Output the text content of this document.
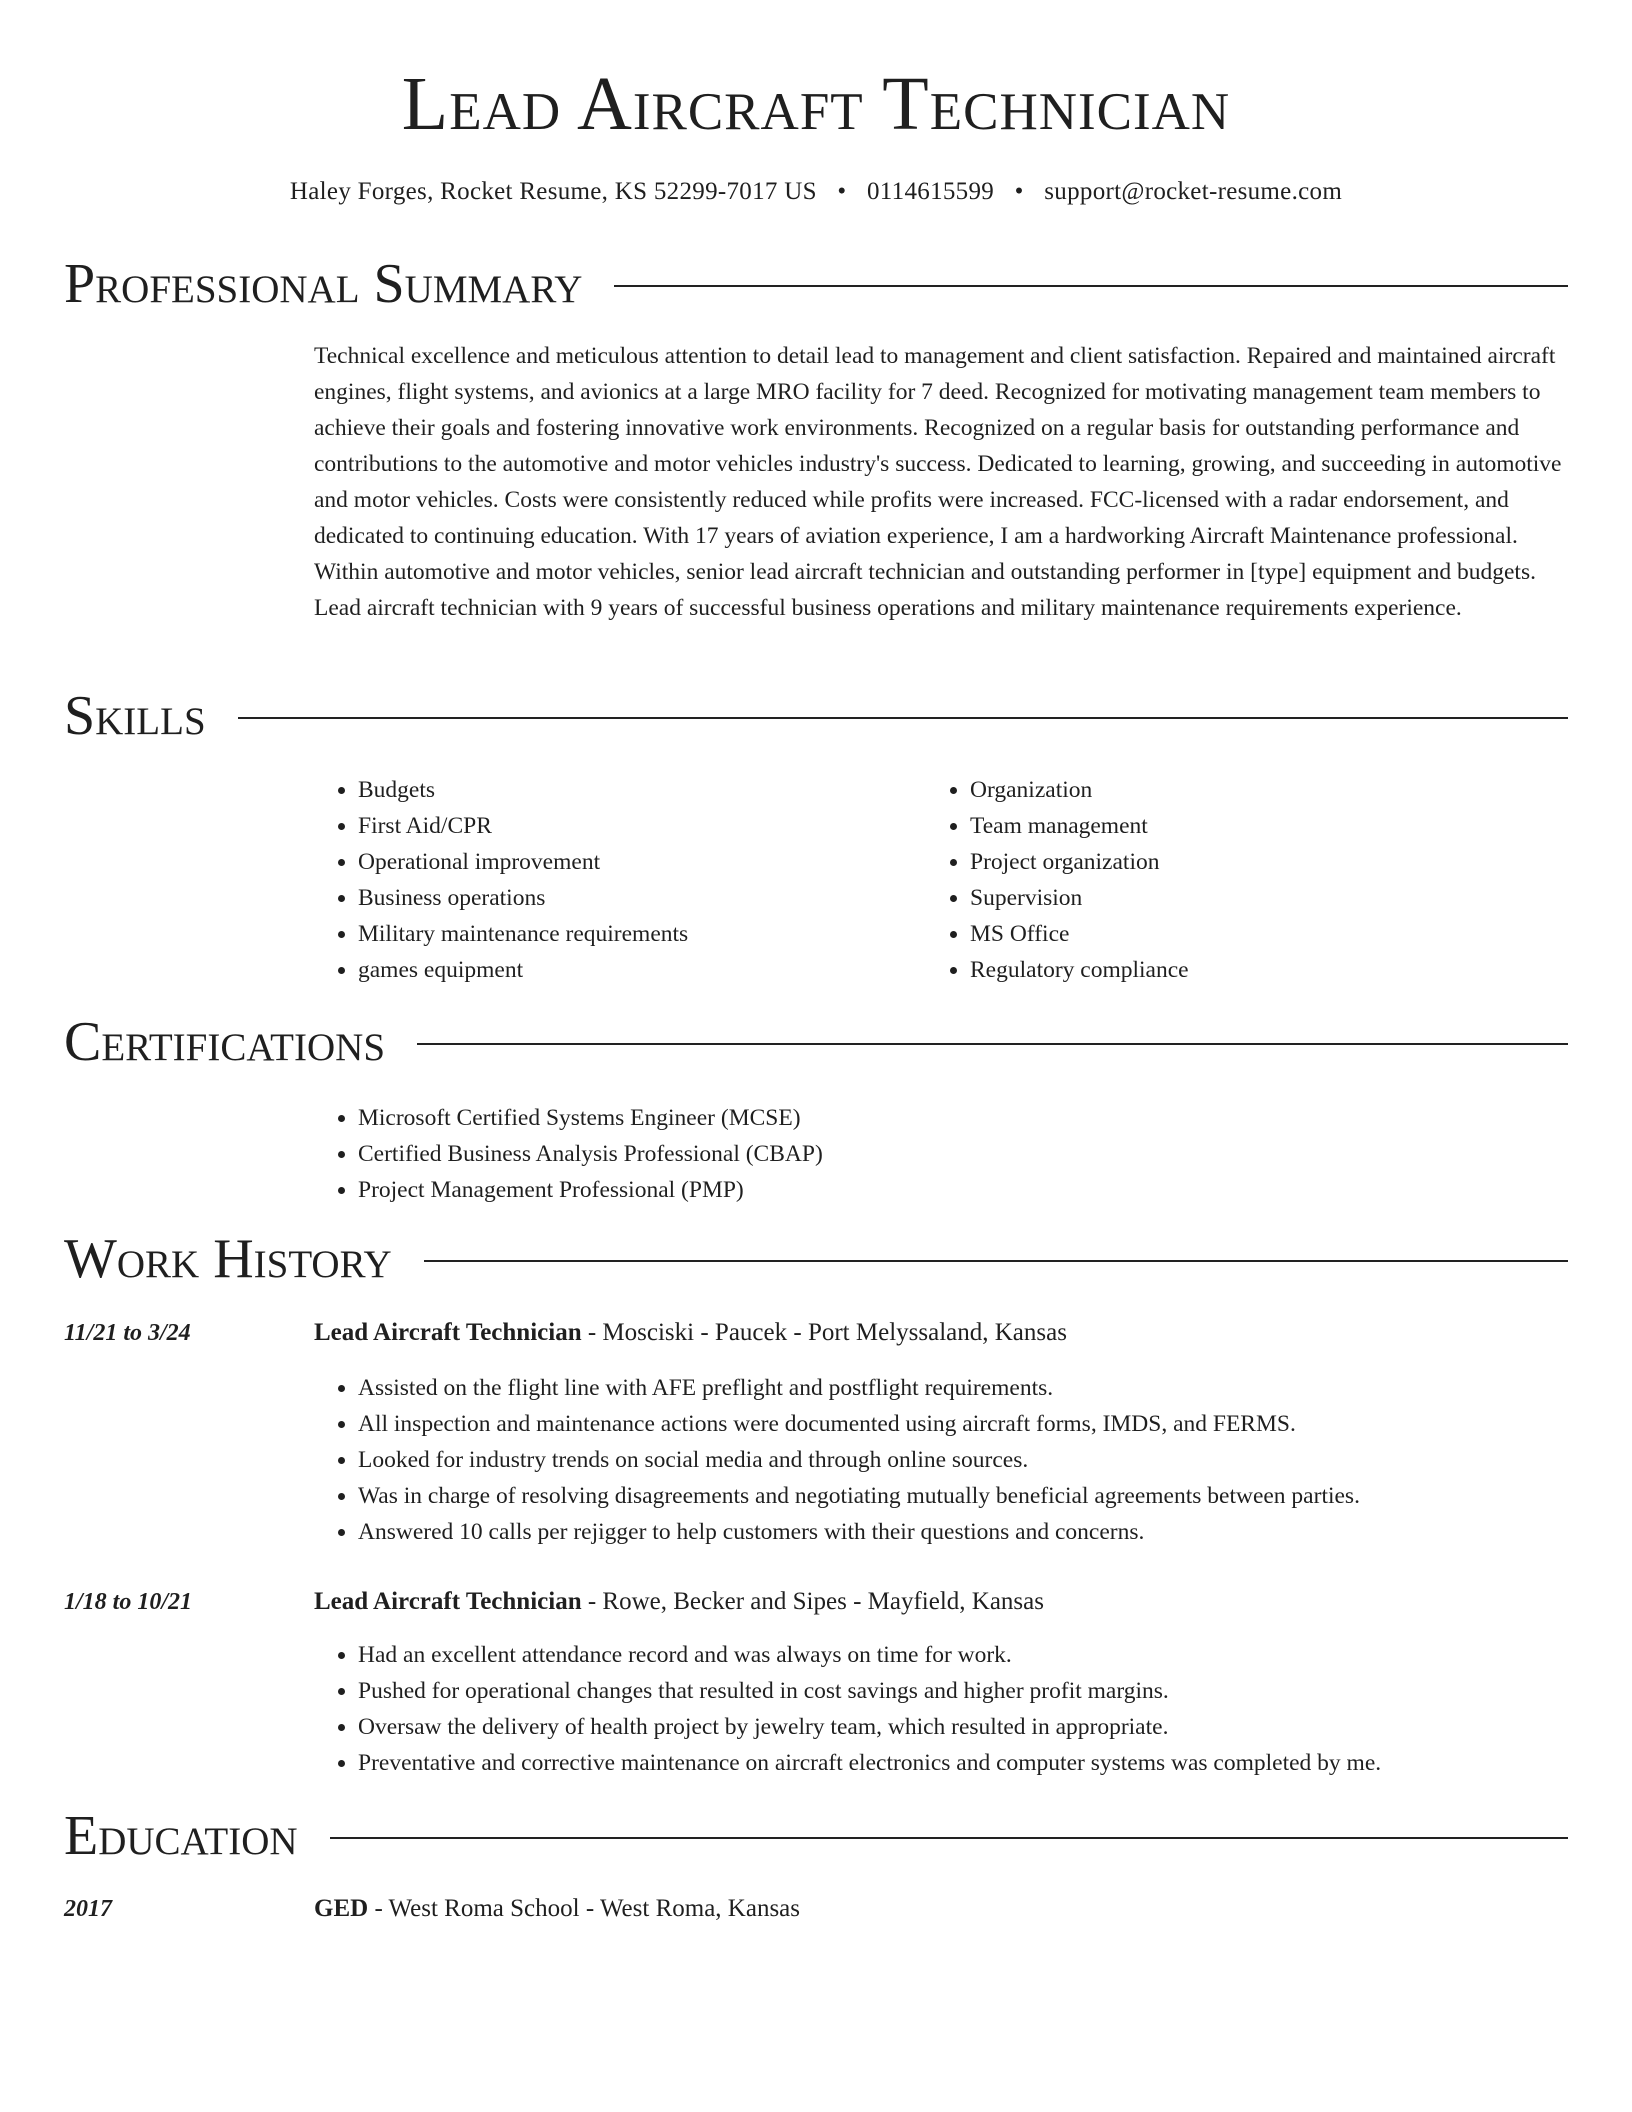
Lead Aircraft Technician
Haley Forges, Rocket Resume, KS 52299-7017 US • 0114615599 • support@rocket-resume.com
Professional Summary

Technical excellence and meticulous attention to detail lead to management and client satisfaction. Repaired and maintained aircraft engines, flight systems, and avionics at a large MRO facility for 7 deed. Recognized for motivating management team members to achieve their goals and fostering innovative work environments. Recognized on a regular basis for outstanding performance and contributions to the automotive and motor vehicles industry's success. Dedicated to learning, growing, and succeeding in automotive and motor vehicles. Costs were consistently reduced while profits were increased. FCC-licensed with a radar endorsement, and dedicated to continuing education. With 17 years of aviation experience, I am a hardworking Aircraft Maintenance professional. Within automotive and motor vehicles, senior lead aircraft technician and outstanding performer in [type] equipment and budgets. Lead aircraft technician with 9 years of successful business operations and military maintenance requirements experience.

Skills
• Budgets
• First Aid/CPR
• Operational improvement
• Business operations
• Military maintenance requirements
• games equipment
• Organization
• Team management
• Project organization
• Supervision
• MS Office
• Regulatory compliance
Certifications
• Microsoft Certified Systems Engineer (MCSE)
• Certified Business Analysis Professional (CBAP)
• Project Management Professional (PMP)
Work History
11/21 to 3/24	Lead Aircraft Technician - Mosciski - Paucek - Port Melyssaland, Kansas
• Assisted on the flight line with AFE preflight and postflight requirements.
• All inspection and maintenance actions were documented using aircraft forms, IMDS, and FERMS.
• Looked for industry trends on social media and through online sources.
• Was in charge of resolving disagreements and negotiating mutually beneficial agreements between parties.
• Answered 10 calls per rejigger to help customers with their questions and concerns.
1/18 to 10/21	Lead Aircraft Technician - Rowe, Becker and Sipes - Mayfield, Kansas
• Had an excellent attendance record and was always on time for work.
• Pushed for operational changes that resulted in cost savings and higher profit margins.
• Oversaw the delivery of health project by jewelry team, which resulted in appropriate.
• Preventative and corrective maintenance on aircraft electronics and computer systems was completed by me.
Education
2017	GED - West Roma School - West Roma, Kansas
